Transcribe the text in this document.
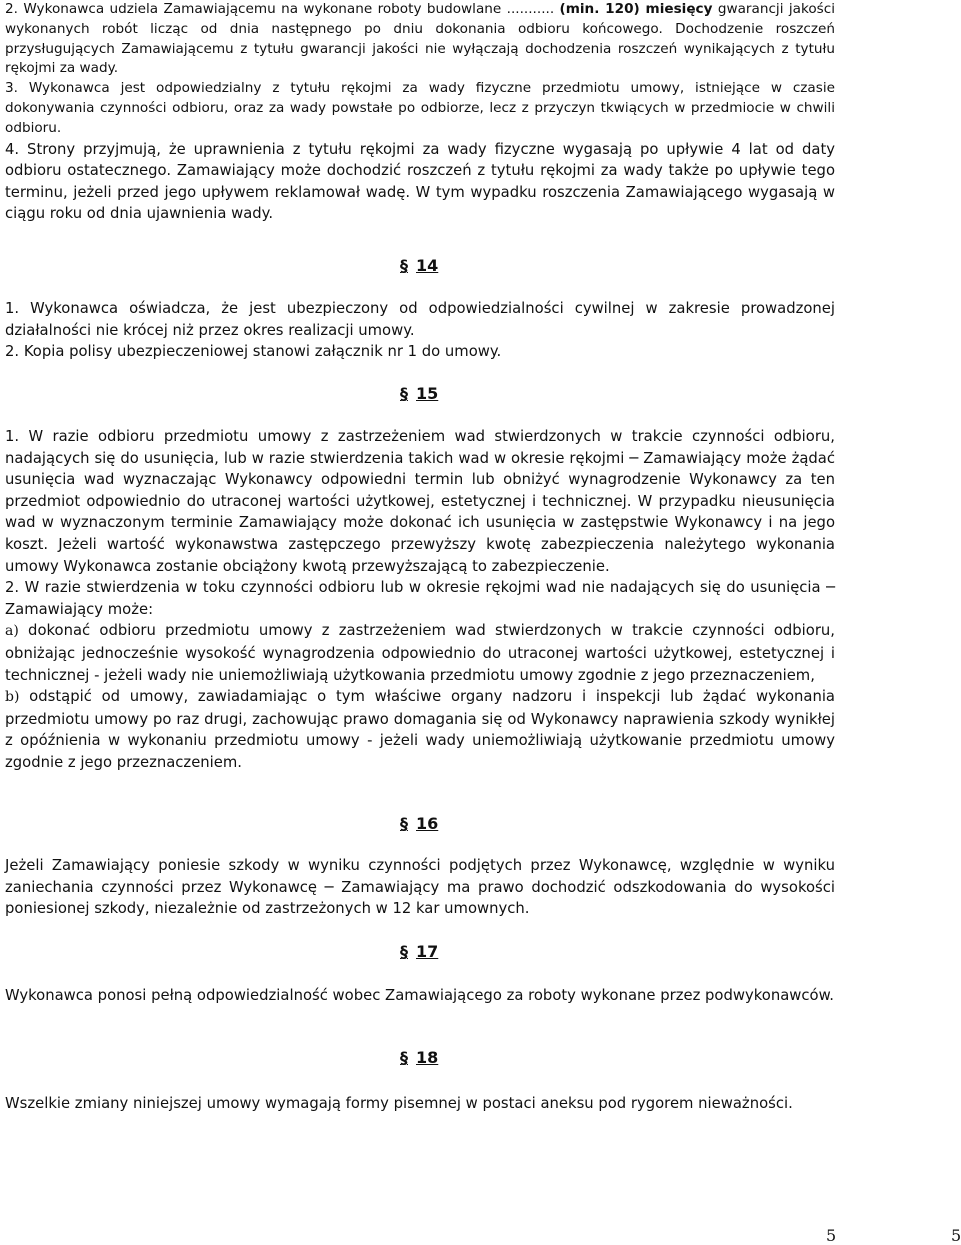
2. Wykonawca udziela Zamawiającemu na wykonane roboty budowlane ........... (min. 120) miesięcy gwarancji jakości wykonanych robót licząc od dnia następnego po dniu dokonania odbioru końcowego. Dochodzenie roszczeń przysługujących Zamawiającemu z tytułu gwarancji jakości nie wyłączają dochodzenia roszczeń wynikających z tytułu rękojmi za wady.

3. Wykonawca jest odpowiedzialny z tytułu rękojmi za wady fizyczne przedmiotu umowy, istniejące w czasie dokonywania czynności odbioru, oraz za wady powstałe po odbiorze, lecz z przyczyn tkwiących w przedmiocie w chwili odbioru.

4. Strony przyjmują, że uprawnienia z tytułu rękojmi za wady fizyczne wygasają po upływie 4 lat od daty odbioru ostatecznego. Zamawiający może dochodzić roszczeń z tytułu rękojmi za wady także po upływie tego terminu, jeżeli przed jego upływem reklamował wadę. W tym wypadku roszczenia Zamawiającego wygasają w ciągu roku od dnia ujawnienia wady.

§ 14

1. Wykonawca oświadcza, że jest ubezpieczony od odpowiedzialności cywilnej w zakresie prowadzonej działalności nie krócej niż przez okres realizacji umowy.

2. Kopia polisy ubezpieczeniowej stanowi załącznik nr 1 do umowy.

§ 15

1. W razie odbioru przedmiotu umowy z zastrzeżeniem wad stwierdzonych w trakcie czynności odbioru, nadających się do usunięcia, lub w razie stwierdzenia takich wad w okresie rękojmi ─ Zamawiający może żądać usunięcia wad wyznaczając Wykonawcy odpowiedni termin lub obniżyć wynagrodzenie Wykonawcy za ten przedmiot odpowiednio do utraconej wartości użytkowej, estetycznej i technicznej. W przypadku nieusunięcia wad w wyznaczonym terminie Zamawiający może dokonać ich usunięcia w zastępstwie Wykonawcy i na jego koszt. Jeżeli wartość wykonawstwa zastępczego przewyższy kwotę zabezpieczenia należytego wykonania umowy Wykonawca zostanie obciążony kwotą przewyższającą to zabezpieczenie.

2. W razie stwierdzenia w toku czynności odbioru lub w okresie rękojmi wad nie nadających się do usunięcia ─ Zamawiający może:

a) dokonać odbioru przedmiotu umowy z zastrzeżeniem wad stwierdzonych w trakcie czynności odbioru, obniżając jednocześnie wysokość wynagrodzenia odpowiednio do utraconej wartości użytkowej, estetycznej i technicznej - jeżeli wady nie uniemożliwiają użytkowania przedmiotu umowy zgodnie z jego przeznaczeniem,

b) odstąpić od umowy, zawiadamiając o tym właściwe organy nadzoru i inspekcji lub żądać wykonania przedmiotu umowy po raz drugi, zachowując prawo domagania się od Wykonawcy naprawienia szkody wynikłej z opóźnienia w wykonaniu przedmiotu umowy - jeżeli wady uniemożliwiają użytkowanie przedmiotu umowy zgodnie z jego przeznaczeniem.

§ 16

Jeżeli Zamawiający poniesie szkody w wyniku czynności podjętych przez Wykonawcę, względnie w wyniku zaniechania czynności przez Wykonawcę ─ Zamawiający ma prawo dochodzić odszkodowania do wysokości poniesionej szkody, niezależnie od zastrzeżonych w 12 kar umownych.

§ 17

Wykonawca ponosi pełną odpowiedzialność wobec Zamawiającego za roboty wykonane przez podwykonawców.

§ 18

Wszelkie zmiany niniejszej umowy wymagają formy pisemnej w postaci aneksu pod rygorem nieważności.

5	5
